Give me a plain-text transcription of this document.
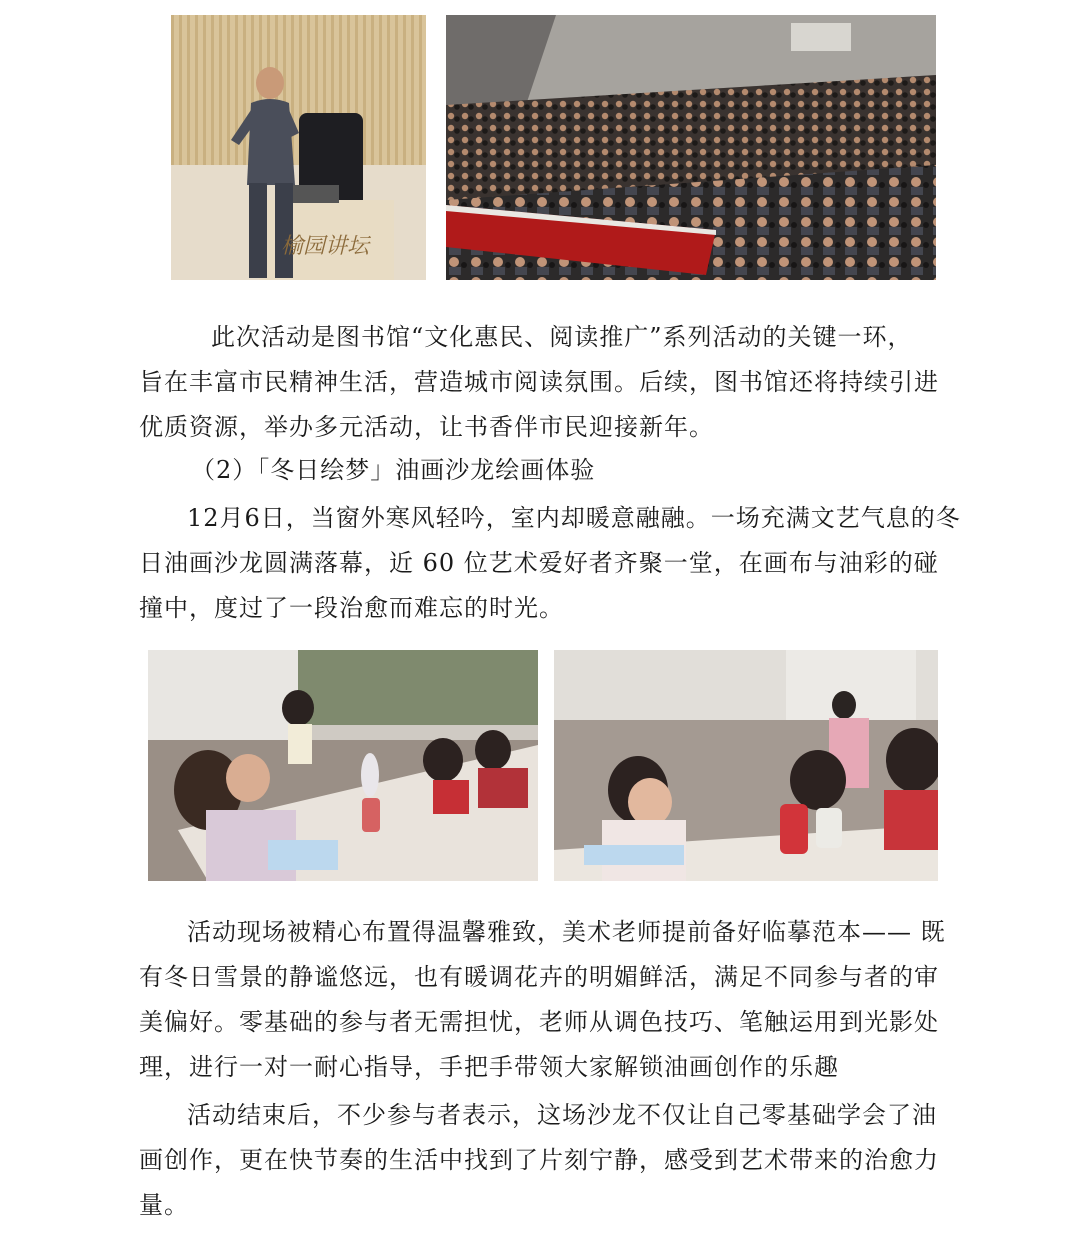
榆园讲坛
此次活动是图书馆“文化惠民、阅读推广”系列活动的关键一环，
旨在丰富市民精神生活，营造城市阅读氛围。后续，图书馆还将持续引进
优质资源，举办多元活动，让书香伴市民迎接新年。
（2）「冬日绘梦」油画沙龙绘画体验
12月6日，当窗外寒风轻吟，室内却暖意融融。一场充满文艺气息的冬
日油画沙龙圆满落幕，近 60 位艺术爱好者齐聚一堂，在画布与油彩的碰
撞中，度过了一段治愈而难忘的时光。
活动现场被精心布置得温馨雅致，美术老师提前备好临摹范本—— 既
有冬日雪景的静谧悠远，也有暖调花卉的明媚鲜活，满足不同参与者的审
美偏好。零基础的参与者无需担忧，老师从调色技巧、笔触运用到光影处
理，进行一对一耐心指导，手把手带领大家解锁油画创作的乐趣
活动结束后，不少参与者表示，这场沙龙不仅让自己零基础学会了油
画创作，更在快节奏的生活中找到了片刻宁静，感受到艺术带来的治愈力
量。
